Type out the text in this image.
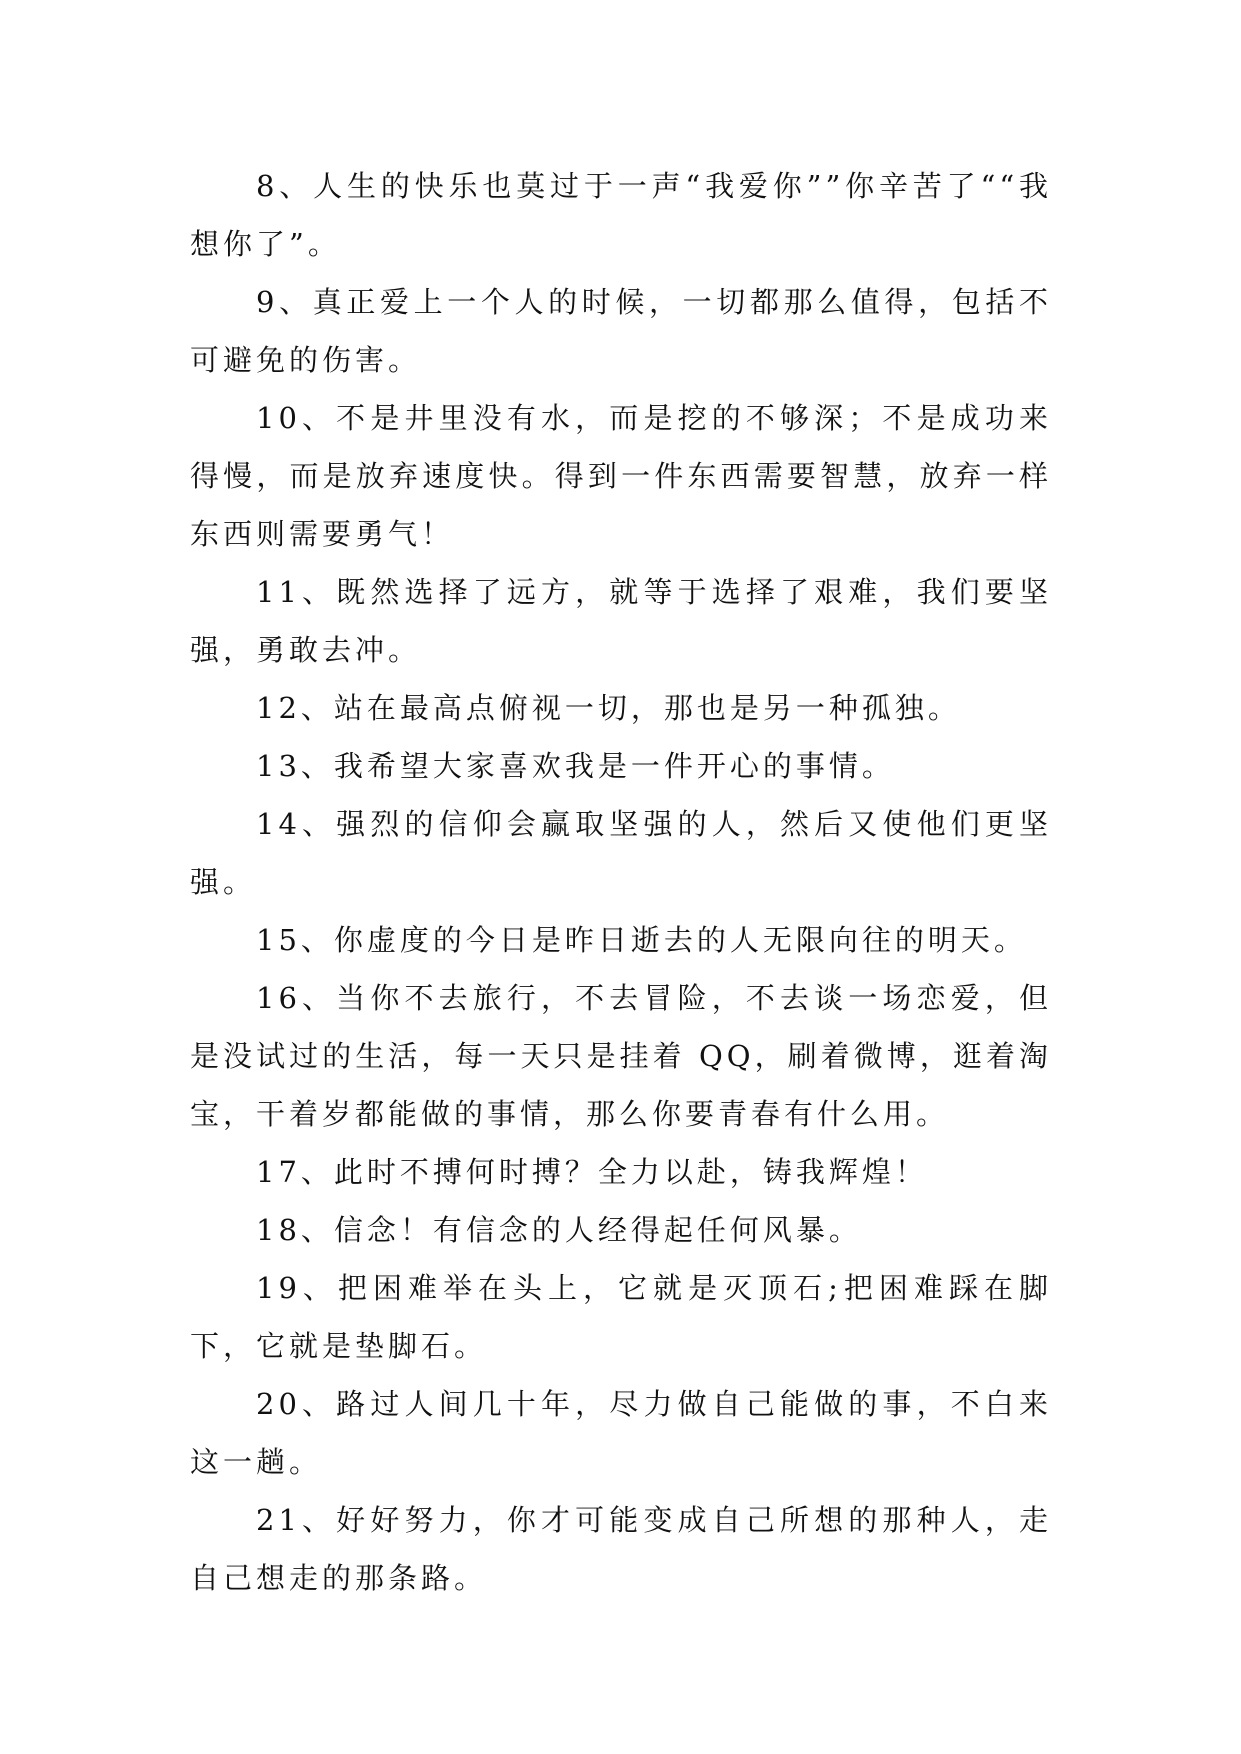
8、人生的快乐也莫过于一声“我爱你””你辛苦了““我想你了”。

9、真正爱上一个人的时候，一切都那么值得，包括不可避免的伤害。

10、不是井里没有水，而是挖的不够深；不是成功来得慢，而是放弃速度快。得到一件东西需要智慧，放弃一样东西则需要勇气！

11、既然选择了远方，就等于选择了艰难，我们要坚强，勇敢去冲。

12、站在最高点俯视一切，那也是另一种孤独。

13、我希望大家喜欢我是一件开心的事情。

14、强烈的信仰会赢取坚强的人，然后又使他们更坚强。

15、你虚度的今日是昨日逝去的人无限向往的明天。

16、当你不去旅行，不去冒险，不去谈一场恋爱，但是没试过的生活，每一天只是挂着 QQ，刷着微博，逛着淘宝，干着岁都能做的事情，那么你要青春有什么用。

17、此时不搏何时搏？全力以赴，铸我辉煌！

18、信念！有信念的人经得起任何风暴。

19、把困难举在头上，它就是灭顶石;把困难踩在脚下，它就是垫脚石。

20、路过人间几十年，尽力做自己能做的事，不白来这一趟。

21、好好努力，你才可能变成自己所想的那种人，走自己想走的那条路。
